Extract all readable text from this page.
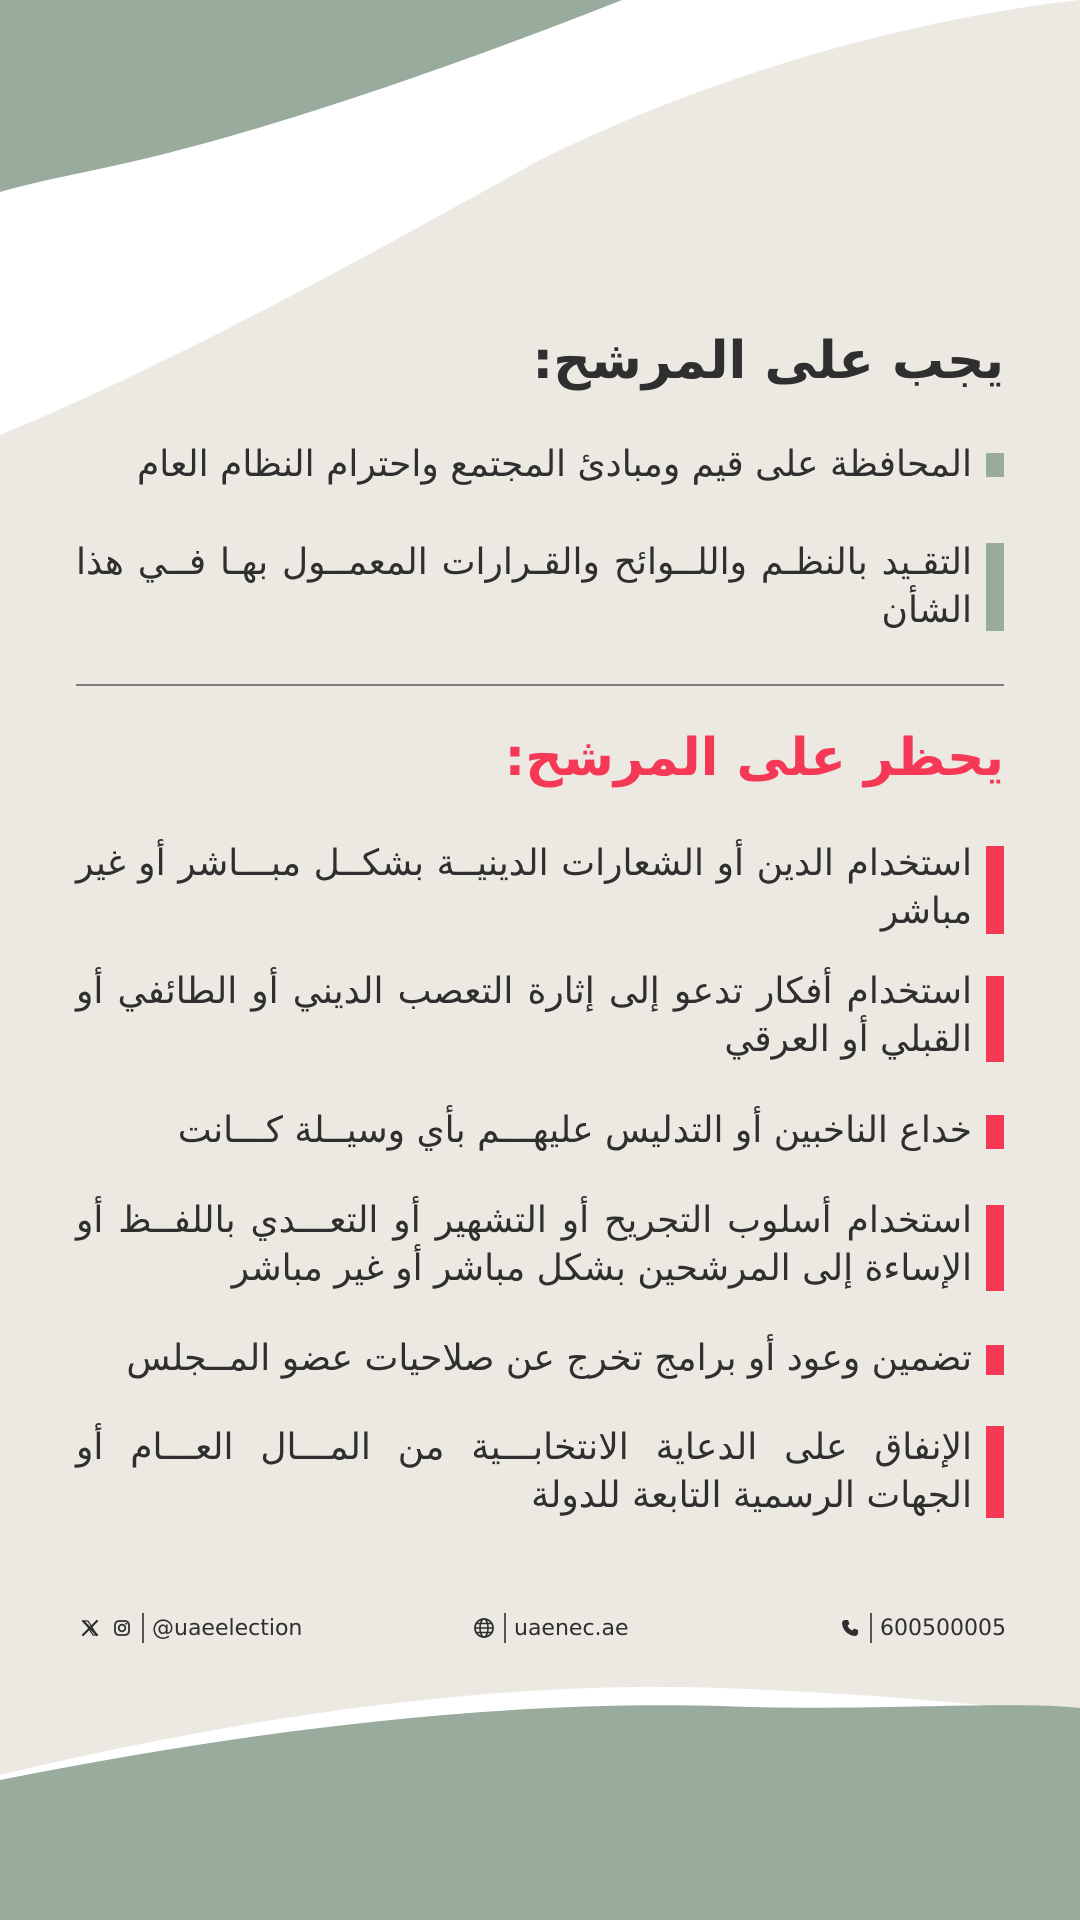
يجب على المرشح:
المحافظة على قيم ومبادئ المجتمع واحترام النظام العام
التقـيد بالنظـم واللــوائح والقـرارات المعمــول بهـا فــي هذا الشأن
يحظر على المرشح:
استخدام الدين أو الشعارات الدينيــة بشكــل مبـــاشر أو غير مباشر
استخدام أفكار تدعو إلى إثارة التعصب الديني أو الطائفي أو القبلي أو العرقي
خداع الناخبين أو التدليس عليهـــم بأي وسيــلة كـــانت
استخدام أسلوب التجريح أو التشهير أو التعـــدي باللفــظ أو الإساءة إلى المرشحين بشكل مباشر أو غير مباشر
تضمين وعود أو برامج تخرج عن صلاحيات عضو المــجلس
الإنفاق على الدعاية الانتخابـــية من المـــال العـــام أو الجهات الرسمية التابعة للدولة
@uaeelection	uaenec.ae	600500005
